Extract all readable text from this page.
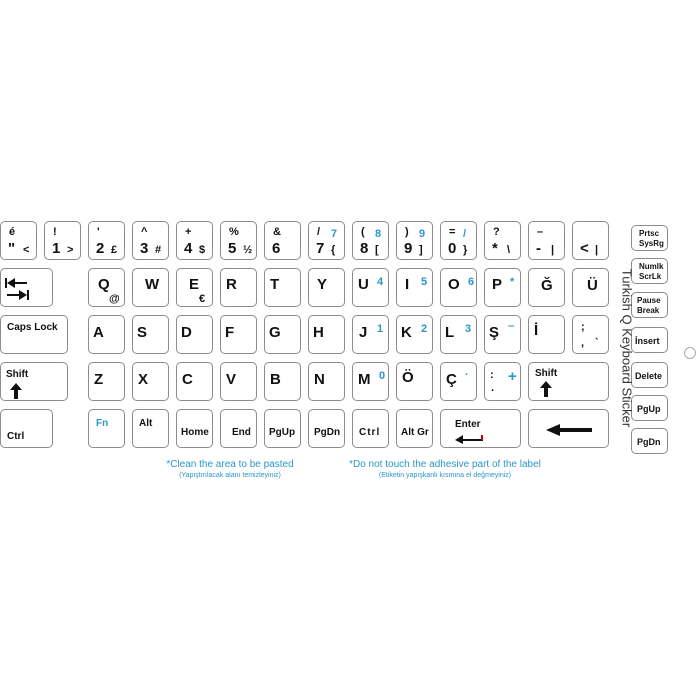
é
" <
!
1 >
'
2 £
^
3 #
+
4 $
%
5 ½
&
6
/
7 {
7 (
8 [
8 )
9 ]
9 =
0 }
/ ?
* \
–
- | < |
Q
@
W E
€
R T	Y U 4 I 5 O 6 P * Ğ Ü
Caps Lock A S D F G H J 1 K 2 L 3 Ş – İ	;
, `
Shift	Z X C V B N M 0 Ö Ç . :
.
+ Shift
Ctrl
Fn	Alt
Home End PgUp PgDn Ctrl Alt Gr
Enter
Prtsc
SysRg
Numlk
ScrLk
Pause
Break
İnsert
Delete
PgUp
PgDn
Turkish Q Keyboard Sticker
*Clean the area to be pasted
(Yapıştırılacak alanı temizleyiniz)
*Do not touch the adhesive part of the label
(Etiketin yapışkanlı kısmına el değmeyiniz)
